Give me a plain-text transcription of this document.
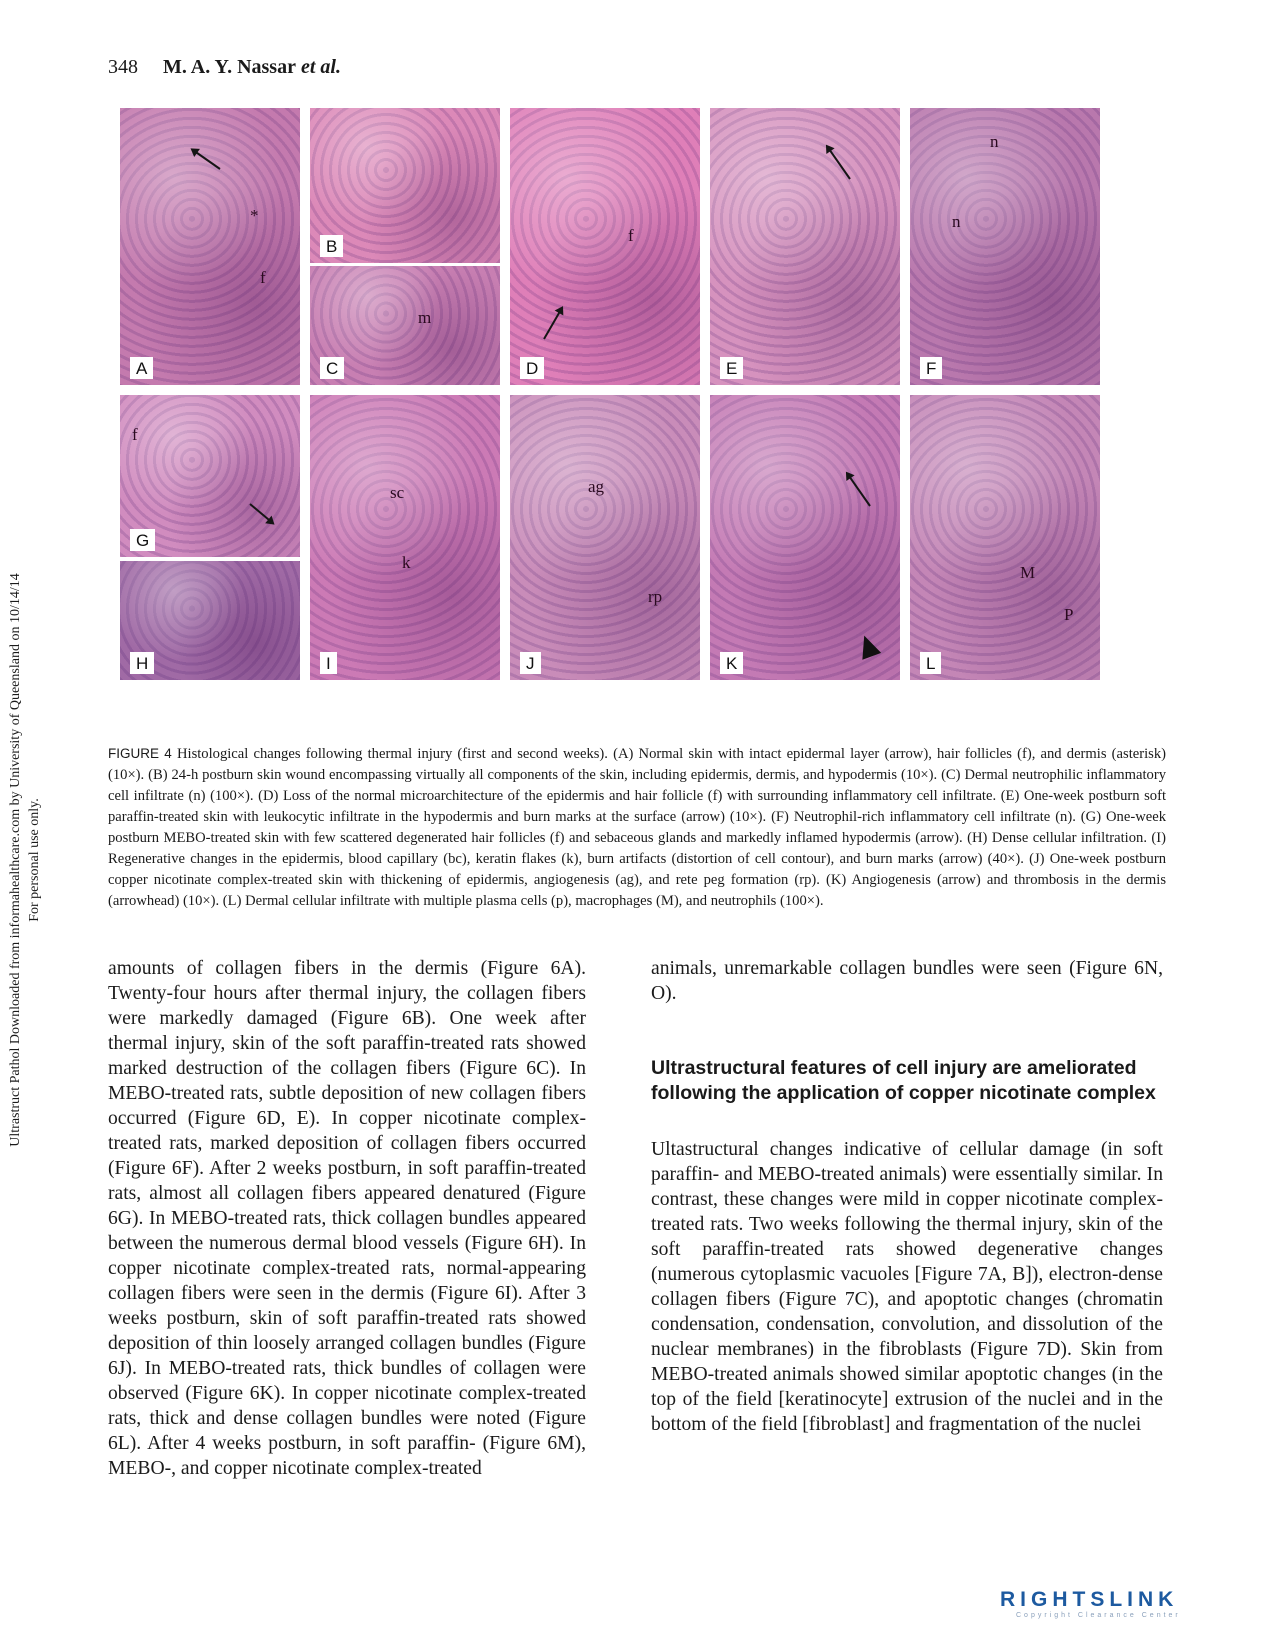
348 M. A. Y. Nassar et al.
Ultrastruct Pathol Downloaded from informahealthcare.com by University of Queensland on 10/14/14 For personal use only.
f
*
A
B
m
C
f
D	E
n
n
F
f
G
H
sc
k
I
ag
rp
J	K
M
P
L
FIGURE 4 Histological changes following thermal injury (first and second weeks). (A) Normal skin with intact epidermal layer (arrow), hair follicles (f), and dermis (asterisk) (10×). (B) 24-h postburn skin wound encompassing virtually all components of the skin, including epidermis, dermis, and hypodermis (10×). (C) Dermal neutrophilic inflammatory cell infiltrate (n) (100×). (D) Loss of the normal microarchitecture of the epidermis and hair follicle (f) with surrounding inflammatory cell infiltrate. (E) One-week postburn soft paraffin-treated skin with leukocytic infiltrate in the hypodermis and burn marks at the surface (arrow) (10×). (F) Neutrophil-rich inflammatory cell infiltrate (n). (G) One-week postburn MEBO-treated skin with few scattered degenerated hair follicles (f) and sebaceous glands and markedly inflamed hypodermis (arrow). (H) Dense cellular infiltration. (I) Regenerative changes in the epidermis, blood capillary (bc), keratin flakes (k), burn artifacts (distortion of cell contour), and burn marks (arrow) (40×). (J) One-week postburn copper nicotinate complex-treated skin with thickening of epidermis, angiogenesis (ag), and rete peg formation (rp). (K) Angiogenesis (arrow) and thrombosis in the dermis (arrowhead) (10×). (L) Dermal cellular infiltrate with multiple plasma cells (p), macrophages (M), and neutrophils (100×).

amounts of collagen fibers in the dermis (Figure 6A). Twenty-four hours after thermal injury, the collagen fibers were markedly damaged (Figure 6B). One week after thermal injury, skin of the soft paraffin-treated rats showed marked destruction of the collagen fibers (Figure 6C). In MEBO-treated rats, subtle deposition of new collagen fibers occurred (Figure 6D, E). In copper nicotinate complex-treated rats, marked deposition of collagen fibers occurred (Figure 6F). After 2 weeks postburn, in soft paraffin-treated rats, almost all collagen fibers appeared denatured (Figure 6G). In MEBO-treated rats, thick collagen bundles appeared between the numerous dermal blood vessels (Figure 6H). In copper nicotinate complex-treated rats, normal-appearing collagen fibers were seen in the dermis (Figure 6I). After 3 weeks postburn, skin of soft paraffin-treated rats showed deposition of thin loosely arranged collagen bundles (Figure 6J). In MEBO-treated rats, thick bundles of collagen were observed (Figure 6K). In copper nicotinate complex-treated rats, thick and dense collagen bundles were noted (Figure 6L). After 4 weeks postburn, in soft paraffin- (Figure 6M), MEBO-, and copper nicotinate complex-treated

animals, unremarkable collagen bundles were seen (Figure 6N, O).

Ultrastructural features of cell injury are ameliorated following the application of copper nicotinate complex

Ultastructural changes indicative of cellular damage (in soft paraffin- and MEBO-treated animals) were essentially similar. In contrast, these changes were mild in copper nicotinate complex-treated rats. Two weeks following the thermal injury, skin of the soft paraffin-treated rats showed degenerative changes (numerous cytoplasmic vacuoles [Figure 7A, B]), electron-dense collagen fibers (Figure 7C), and apoptotic changes (chromatin condensation, condensation, convolution, and dissolution of the nuclear membranes) in the fibroblasts (Figure 7D). Skin from MEBO-treated animals showed similar apoptotic changes (in the top of the field [keratinocyte] extrusion of the nuclei and in the bottom of the field [fibroblast] and fragmentation of the nuclei

RIGHTSLINK
Copyright Clearance Center
